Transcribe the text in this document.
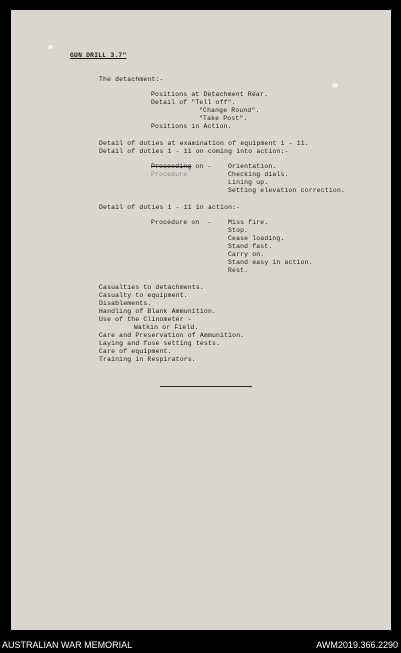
GUN DRILL 3.7"
The detachment:-
Positions at Detachment Rear.
Detail of "Tell off".
"Change Round".
"Take Post".
Positions in Action.
Detail of duties at examination of equipment 1 - 11.
Detail of duties 1 - 11 on coming into action:-
Proceeding on -
Procedure
Orientation.
Checking dials.
Lining up.
Setting elevation correction.
Detail of duties 1 - 11 in action:-
Procedure on  -	Miss fire.
Stop.
Cease loading.
Stand fast.
Carry on.
Stand easy in action.
Rest.
Casualties to detachments.
Casualty to equipment.
Disablements.
Handling of Blank Ammunition.
Use of the Clinometer -
Watkin or Field.
Care and Preservation of Ammunition.
Laying and fuse setting tests.
Care of equipment.
Training in Respirators.
AUSTRALIAN WAR MEMORIAL	AWM2019.366.2290
